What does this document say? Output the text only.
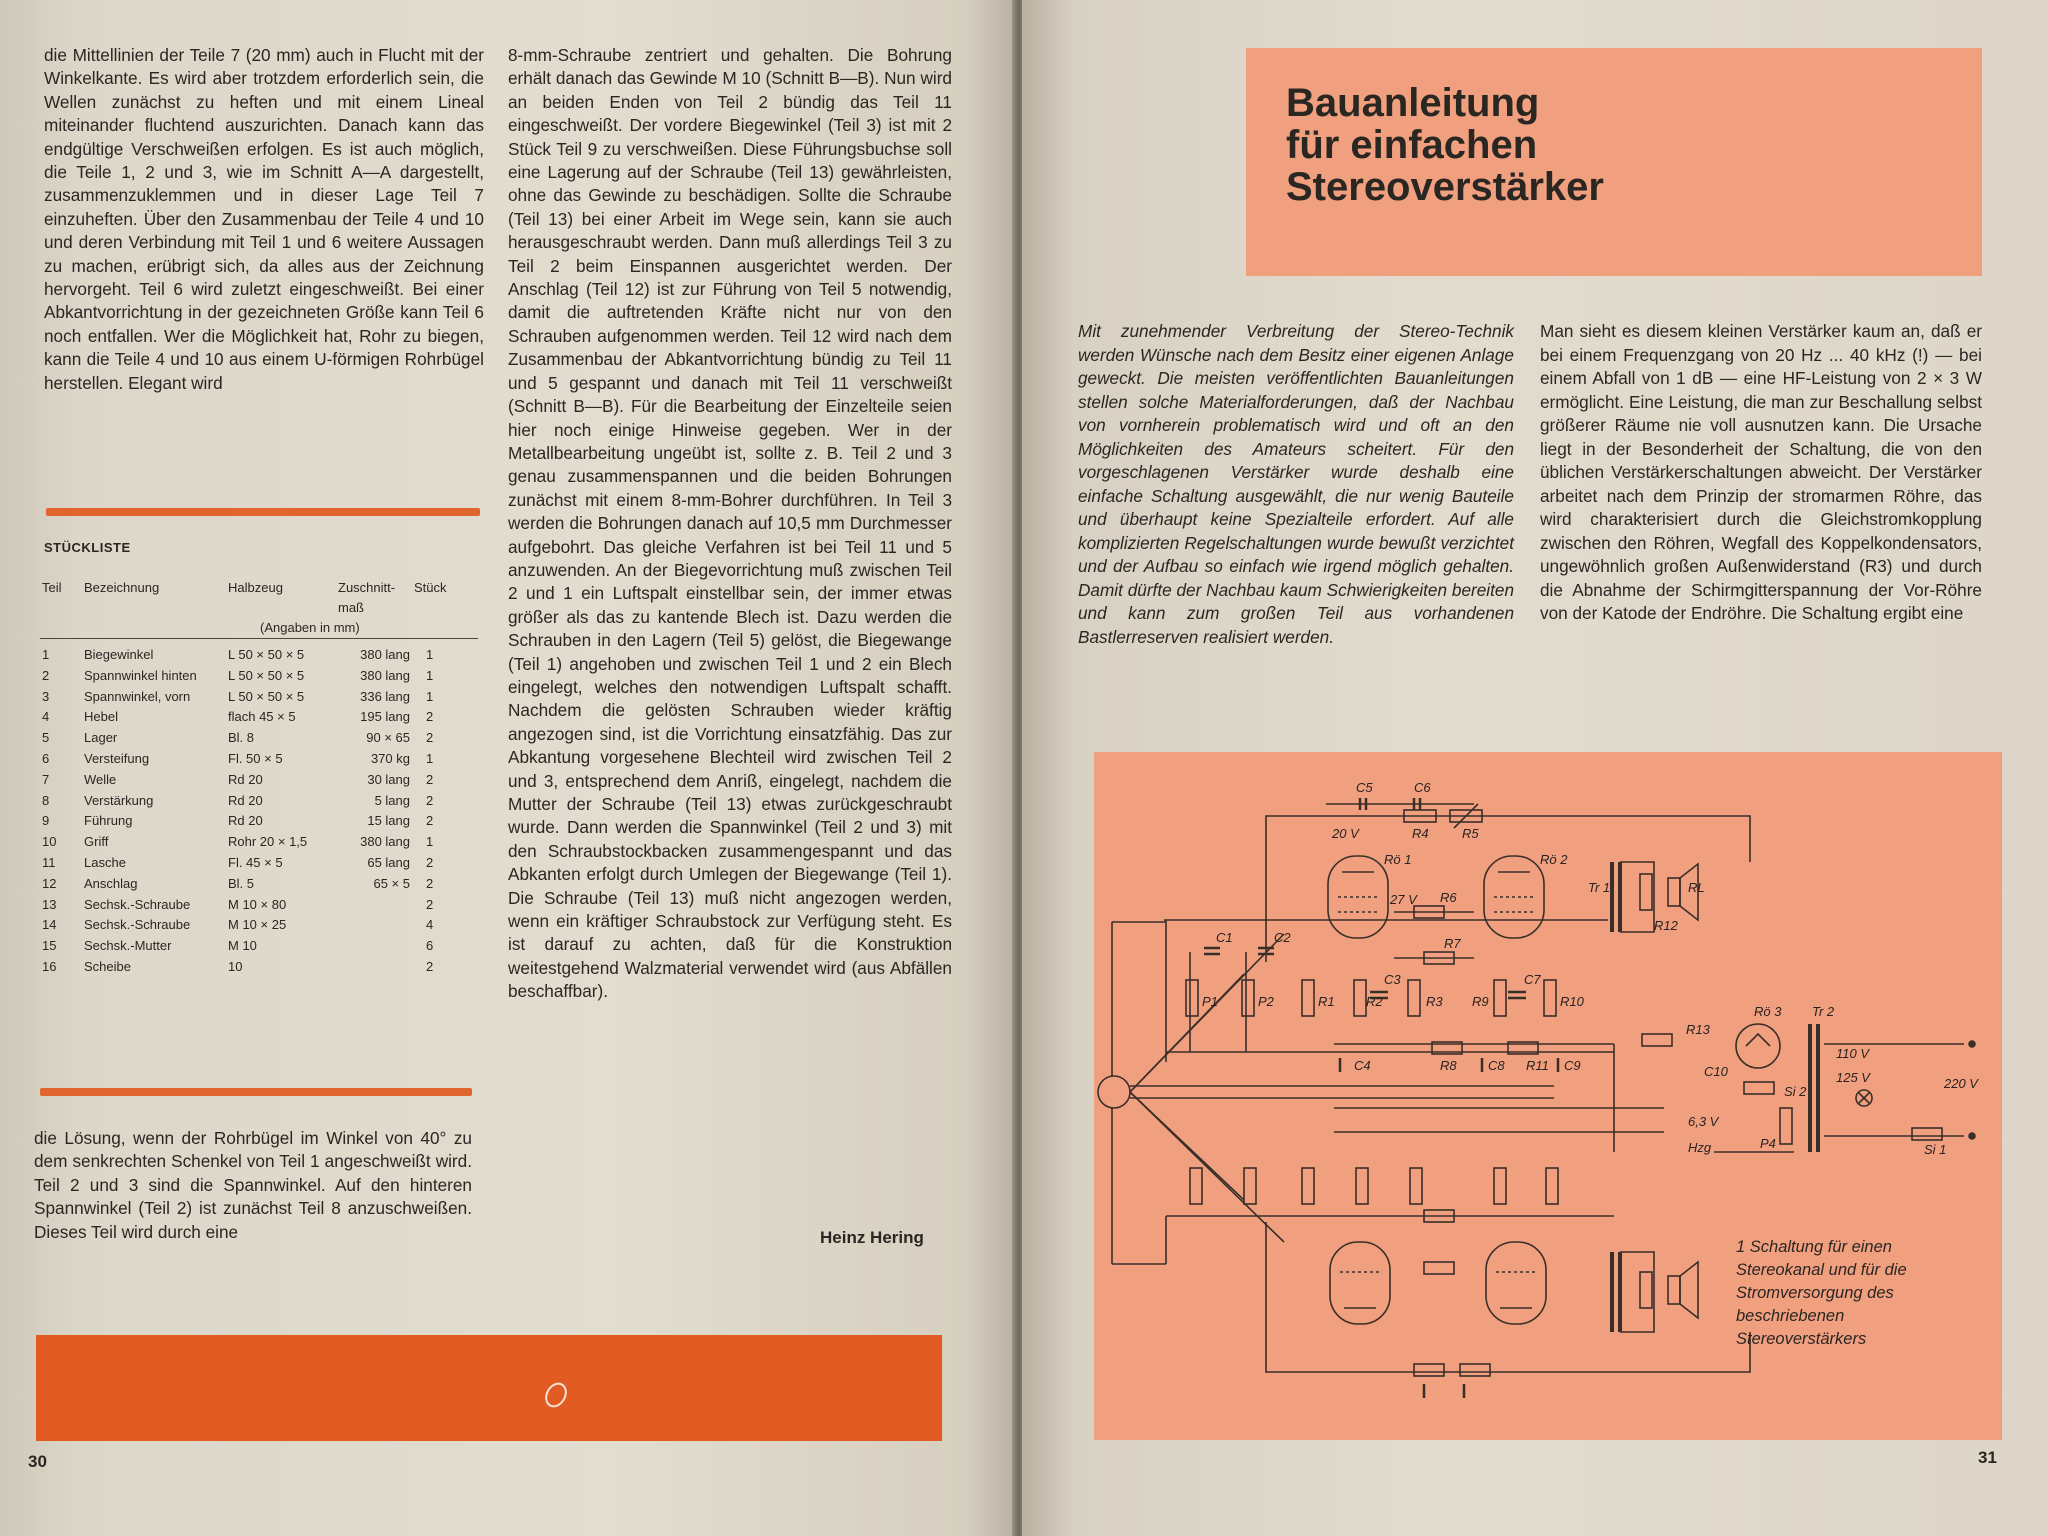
die Mittellinien der Teile 7 (20 mm) auch in Flucht mit der Winkelkante. Es wird aber trotzdem erforderlich sein, die Wellen zunächst zu heften und mit einem Lineal miteinander fluchtend auszurichten. Danach kann das endgültige Verschweißen erfolgen. Es ist auch möglich, die Teile 1, 2 und 3, wie im Schnitt A—A dargestellt, zusammenzuklemmen und in dieser Lage Teil 7 einzuheften. Über den Zusammenbau der Teile 4 und 10 und deren Verbindung mit Teil 1 und 6 weitere Aussagen zu machen, erübrigt sich, da alles aus der Zeichnung hervorgeht. Teil 6 wird zuletzt eingeschweißt. Bei einer Abkantvorrichtung in der gezeichneten Größe kann Teil 6 noch entfallen. Wer die Möglichkeit hat, Rohr zu biegen, kann die Teile 4 und 10 aus einem U-förmigen Rohrbügel herstellen. Elegant wird

STÜCKLISTE
Teil	Bezeichnung	Halbzeug	Zuschnitt-maß	Stück
		(Angaben in mm)		

1	Biegewinkel	L 50 × 50 × 5	380 lang	1
2	Spannwinkel hinten	L 50 × 50 × 5	380 lang	1
3	Spannwinkel, vorn	L 50 × 50 × 5	336 lang	1
4	Hebel	flach 45 × 5	195 lang	2
5	Lager	Bl. 8	90 × 65	2
6	Versteifung	Fl. 50 × 5	370 kg	1
7	Welle	Rd 20	30 lang	2
8	Verstärkung	Rd 20	5 lang	2
9	Führung	Rd 20	15 lang	2
10	Griff	Rohr 20 × 1,5	380 lang	1
11	Lasche	Fl. 45 × 5	65 lang	2
12	Anschlag	Bl. 5	65 × 5	2
13	Sechsk.-Schraube	M 10 × 80		2
14	Sechsk.-Schraube	M 10 × 25		4
15	Sechsk.-Mutter	M 10		6
16	Scheibe	10		2

die Lösung, wenn der Rohrbügel im Winkel von 40° zu dem senkrechten Schenkel von Teil 1 angeschweißt wird. Teil 2 und 3 sind die Spannwinkel. Auf den hinteren Spannwinkel (Teil 2) ist zunächst Teil 8 anzuschweißen. Dieses Teil wird durch eine

8-mm-Schraube zentriert und gehalten. Die Bohrung erhält danach das Gewinde M 10 (Schnitt B—B). Nun wird an beiden Enden von Teil 2 bündig das Teil 11 eingeschweißt. Der vordere Biegewinkel (Teil 3) ist mit 2 Stück Teil 9 zu verschweißen. Diese Führungsbuchse soll eine Lagerung auf der Schraube (Teil 13) gewährleisten, ohne das Gewinde zu beschädigen. Sollte die Schraube (Teil 13) bei einer Arbeit im Wege sein, kann sie auch herausgeschraubt werden. Dann muß allerdings Teil 3 zu Teil 2 beim Einspannen ausgerichtet werden. Der Anschlag (Teil 12) ist zur Führung von Teil 5 notwendig, damit die auftretenden Kräfte nicht nur von den Schrauben aufgenommen werden. Teil 12 wird nach dem Zusammenbau der Abkantvorrichtung bündig zu Teil 11 und 5 gespannt und danach mit Teil 11 verschweißt (Schnitt B—B). Für die Bearbeitung der Einzelteile seien hier noch einige Hinweise gegeben. Wer in der Metallbearbeitung ungeübt ist, sollte z. B. Teil 2 und 3 genau zusammenspannen und die beiden Bohrungen zunächst mit einem 8-mm-Bohrer durchführen. In Teil 3 werden die Bohrungen danach auf 10,5 mm Durchmesser aufgebohrt. Das gleiche Verfahren ist bei Teil 11 und 5 anzuwenden. An der Biegevorrichtung muß zwischen Teil 2 und 1 ein Luftspalt einstellbar sein, der immer etwas größer als das zu kantende Blech ist. Dazu werden die Schrauben in den Lagern (Teil 5) gelöst, die Biegewange (Teil 1) angehoben und zwischen Teil 1 und 2 ein Blech eingelegt, welches den notwendigen Luftspalt schafft. Nachdem die gelösten Schrauben wieder kräftig angezogen sind, ist die Vorrichtung einsatzfähig. Das zur Abkantung vorgesehene Blechteil wird zwischen Teil 2 und 3, entsprechend dem Anriß, eingelegt, nachdem die Mutter der Schraube (Teil 13) etwas zurückgeschraubt wurde. Dann werden die Spannwinkel (Teil 2 und 3) mit den Schraubstockbacken zusammengespannt und das Abkanten erfolgt durch Umlegen der Biegewange (Teil 1). Die Schraube (Teil 13) muß nicht angezogen werden, wenn ein kräftiger Schraubstock zur Verfügung steht. Es ist darauf zu achten, daß für die Konstruktion weitestgehend Walzmaterial verwendet wird (aus Abfällen beschaffbar).

Heinz Hering
30
Bauanleitung
für einfachen
Stereoverstärker
Mit zunehmender Verbreitung der Stereo-Technik werden Wünsche nach dem Besitz einer eigenen Anlage geweckt. Die meisten veröffentlichten Bauanleitungen stellen solche Materialforderungen, daß der Nachbau von vornherein problematisch wird und oft an den Möglichkeiten des Amateurs scheitert. Für den vorgeschlagenen Verstärker wurde deshalb eine einfache Schaltung ausgewählt, die nur wenig Bauteile und überhaupt keine Spezialteile erfordert. Auf alle komplizierten Regelschaltungen wurde bewußt verzichtet und der Aufbau so einfach wie irgend möglich gehalten. Damit dürfte der Nachbau kaum Schwierigkeiten bereiten und kann zum großen Teil aus vorhandenen Bastlerreserven realisiert werden.
Man sieht es diesem kleinen Verstärker kaum an, daß er bei einem Frequenzgang von 20 Hz ... 40 kHz (!) — bei einem Abfall von 1 dB — eine HF-Leistung von 2 × 3 W ermöglicht. Eine Leistung, die man zur Beschallung selbst größerer Räume nie voll ausnutzen kann. Die Ursache liegt in der Besonderheit der Schaltung, die von den üblichen Verstärkerschaltungen abweicht. Der Verstärker arbeitet nach dem Prinzip der stromarmen Röhre, das wird charakterisiert durch die Gleichstromkopplung zwischen den Röhren, Wegfall des Koppelkondensators, ungewöhnlich großen Außenwiderstand (R3) und durch die Abnahme der Schirmgitterspannung der Vor-Röhre von der Katode der Endröhre. Die Schaltung ergibt eine
C5	C6
R4	R5
20 V
Rö 1
27 V
Rö 2
Tr 1	RL
R6
R12
R7
C1	C2
P1	P2	R1 R2
C3
R3 R9
C7
R10
C4	R8 C8 R11 C9
R13
C10
Rö 3 Tr 2
Si 2
110 V
125 V	220 V
6,3 V
Hzg	P4	Si 1
1 Schaltung für einen Stereokanal und für die Stromversorgung des beschriebenen Stereoverstärkers
31
